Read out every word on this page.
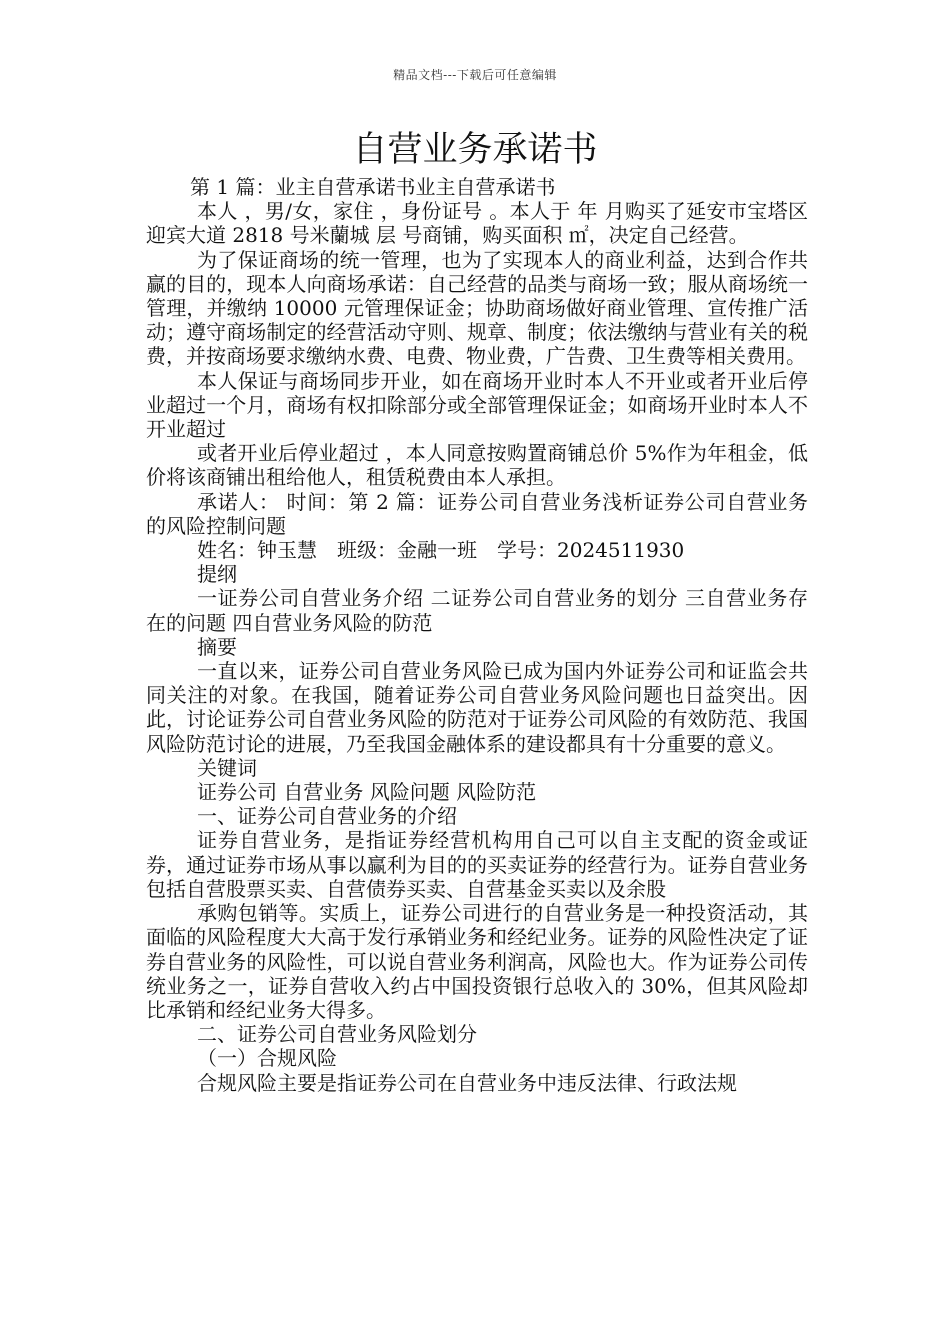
精品文档---下载后可任意编辑
自营业务承诺书

第 1 篇：业主自营承诺书业主自营承诺书

本人 ，男/女，家住 ，身份证号 。本人于 年 月购买了延安市宝塔区迎宾大道 2818 号米蘭城 层 号商铺，购买面积 ㎡，决定自己经营。

为了保证商场的统一管理，也为了实现本人的商业利益，达到合作共赢的目的，现本人向商场承诺：自己经营的品类与商场一致；服从商场统一管理，并缴纳 10000 元管理保证金；协助商场做好商业管理、宣传推广活动；遵守商场制定的经营活动守则、规章、制度；依法缴纳与营业有关的税费，并按商场要求缴纳水费、电费、物业费，广告费、卫生费等相关费用。

本人保证与商场同步开业，如在商场开业时本人不开业或者开业后停业超过一个月，商场有权扣除部分或全部管理保证金；如商场开业时本人不开业超过

或者开业后停业超过 ，本人同意按购置商铺总价 5%作为年租金，低价将该商铺出租给他人，租赁税费由本人承担。

承诺人： 时间：第 2 篇：证券公司自营业务浅析证券公司自营业务的风险控制问题

姓名：钟玉慧　班级：金融一班　学号：2024511930

提纲

一证券公司自营业务介绍 二证券公司自营业务的划分 三自营业务存在的问题 四自营业务风险的防范

摘要

一直以来，证券公司自营业务风险已成为国内外证券公司和证监会共同关注的对象。在我国，随着证券公司自营业务风险问题也日益突出。因此，讨论证券公司自营业务风险的防范对于证券公司风险的有效防范、我国风险防范讨论的进展，乃至我国金融体系的建设都具有十分重要的意义。

关键词

证券公司 自营业务 风险问题 风险防范

一、证券公司自营业务的介绍

证券自营业务，是指证券经营机构用自己可以自主支配的资金或证券，通过证券市场从事以赢利为目的的买卖证券的经营行为。证券自营业务包括自营股票买卖、自营债券买卖、自营基金买卖以及余股

承购包销等。实质上，证券公司进行的自营业务是一种投资活动，其面临的风险程度大大高于发行承销业务和经纪业务。证券的风险性决定了证券自营业务的风险性，可以说自营业务利润高，风险也大。作为证券公司传统业务之一，证券自营收入约占中国投资银行总收入的 30%，但其风险却比承销和经纪业务大得多。

二、证券公司自营业务风险划分

（一）合规风险

合规风险主要是指证券公司在自营业务中违反法律、行政法规
